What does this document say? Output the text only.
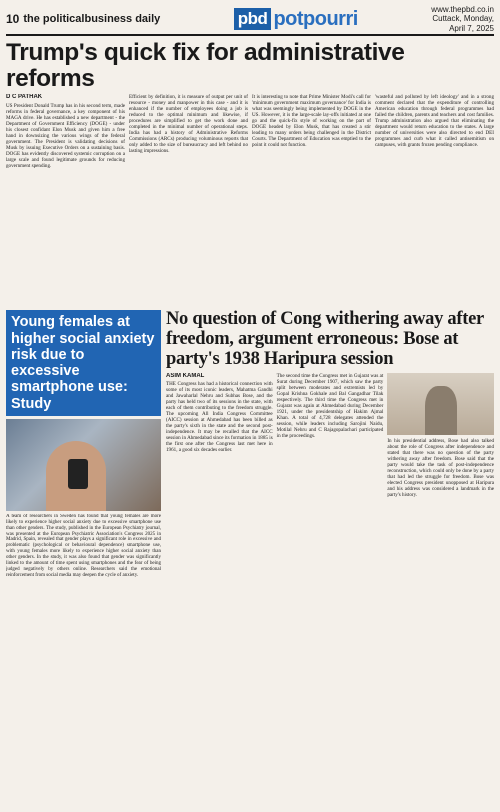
10 the politicalbusiness daily	pbd potpourri	www.thepbd.co.in
Cuttack, Monday,
April 7, 2025
Trump's quick fix for administrative reforms
D C PATHAK

US President Donald Trump has in his second term, made reforms in federal governance, a key component of his MAGA drive. He has established a new department - the Department of Government Efficiency (DOGE) - under his closest confidant Elon Musk and given him a free hand in downsizing the various wings of the federal government. The President is validating decisions of Musk by issuing Executive Orders on a sustaining basis. DOGE has evidently discovered systemic corruption on a large scale and found legitimate grounds for reducing government spending.

Efficient by definition, it is measure of output per unit of resource - money and manpower in this case - and it is enhanced if the number of employees doing a job is reduced to the optimal minimum and likewise, if procedures are simplified to get the work done and completed in the minimal number of operational steps. India has had a history of Administrative Reforms Commissions (ARCs) producing voluminous reports that only added to the size of bureaucracy and left behind no lasting impressions.

It is interesting to note that Prime Minister Modi's call for 'minimum government maximum governance' for India is what was seemingly being implemented by DOGE in the US. However, it is the large-scale lay-offs initiated at one go and the quick-fix style of working on the part of DOGE headed by Elon Musk, that has created a stir leading to many orders being challenged in the District Courts. The Department of Education was emptied to the point it could not function.

'wasteful and polluted by left ideology' and in a strong comment declared that the expenditure of controlling American education through federal programmes had failed the children, parents and teachers and cost families. Trump administration also argued that eliminating the department would return education to the states. A large number of universities were also directed to end DEI programmes and curb what it called antisemitism on campuses, with grants frozen pending compliance.

Young females at higher social anxiety risk due to excessive smartphone use: Study

A team of researchers in Sweden has found that young females are more likely to experience higher social anxiety due to excessive smartphone use than other genders. The study, published in the European Psychiatry journal, was presented at the European Psychiatric Association's Congress 2025 in Madrid, Spain, revealed that gender plays a significant role in excessive and problematic (psychological or behavioural dependence) smartphone use, with young females more likely to experience higher social anxiety than other genders. In the study, it was also found that gender was significantly linked to the amount of time spent using smartphones and the fear of being judged negatively by others online. Researchers said the emotional reinforcement from social media may deepen the cycle of anxiety.

No question of Cong withering away after freedom, argument erroneous: Bose at party's 1938 Haripura session
ASIM KAMAL

THE Congress has had a historical connection with some of its most iconic leaders, Mahatma Gandhi and Jawaharlal Nehru and Subhas Bose, and the party has held two of its sessions in the state, with each of them contributing to the freedom struggle. The upcoming All India Congress Committee (AICC) session at Ahmedabad has been billed as the party's sixth in the state and the second post-independence. It may be recalled that the AICC session in Ahmedabad since its formation in 1885 is the first one after the Congress last met here in 1961, a good six decades earlier.

The second time the Congress met in Gujarat was at Surat during December 1907, which saw the party split between moderates and extremists led by Gopal Krishna Gokhale and Bal Gangadhar Tilak respectively. The third time the Congress met in Gujarat was again at Ahmedabad during December 1921, under the presidentship of Hakim Ajmal Khan. A total of 4,728 delegates attended the session, while leaders including Sarojini Naidu, Motilal Nehru and C Rajagopalachari participated in the proceedings.

In his presidential address, Bose had also talked about the role of Congress after independence and stated that there was no question of the party withering away after freedom. Bose said that the party would take the task of post-independence reconstruction, which could only be done by a party that had led the struggle for freedom. Bose was elected Congress president unopposed at Haripura and his address was considered a landmark in the party's history.
